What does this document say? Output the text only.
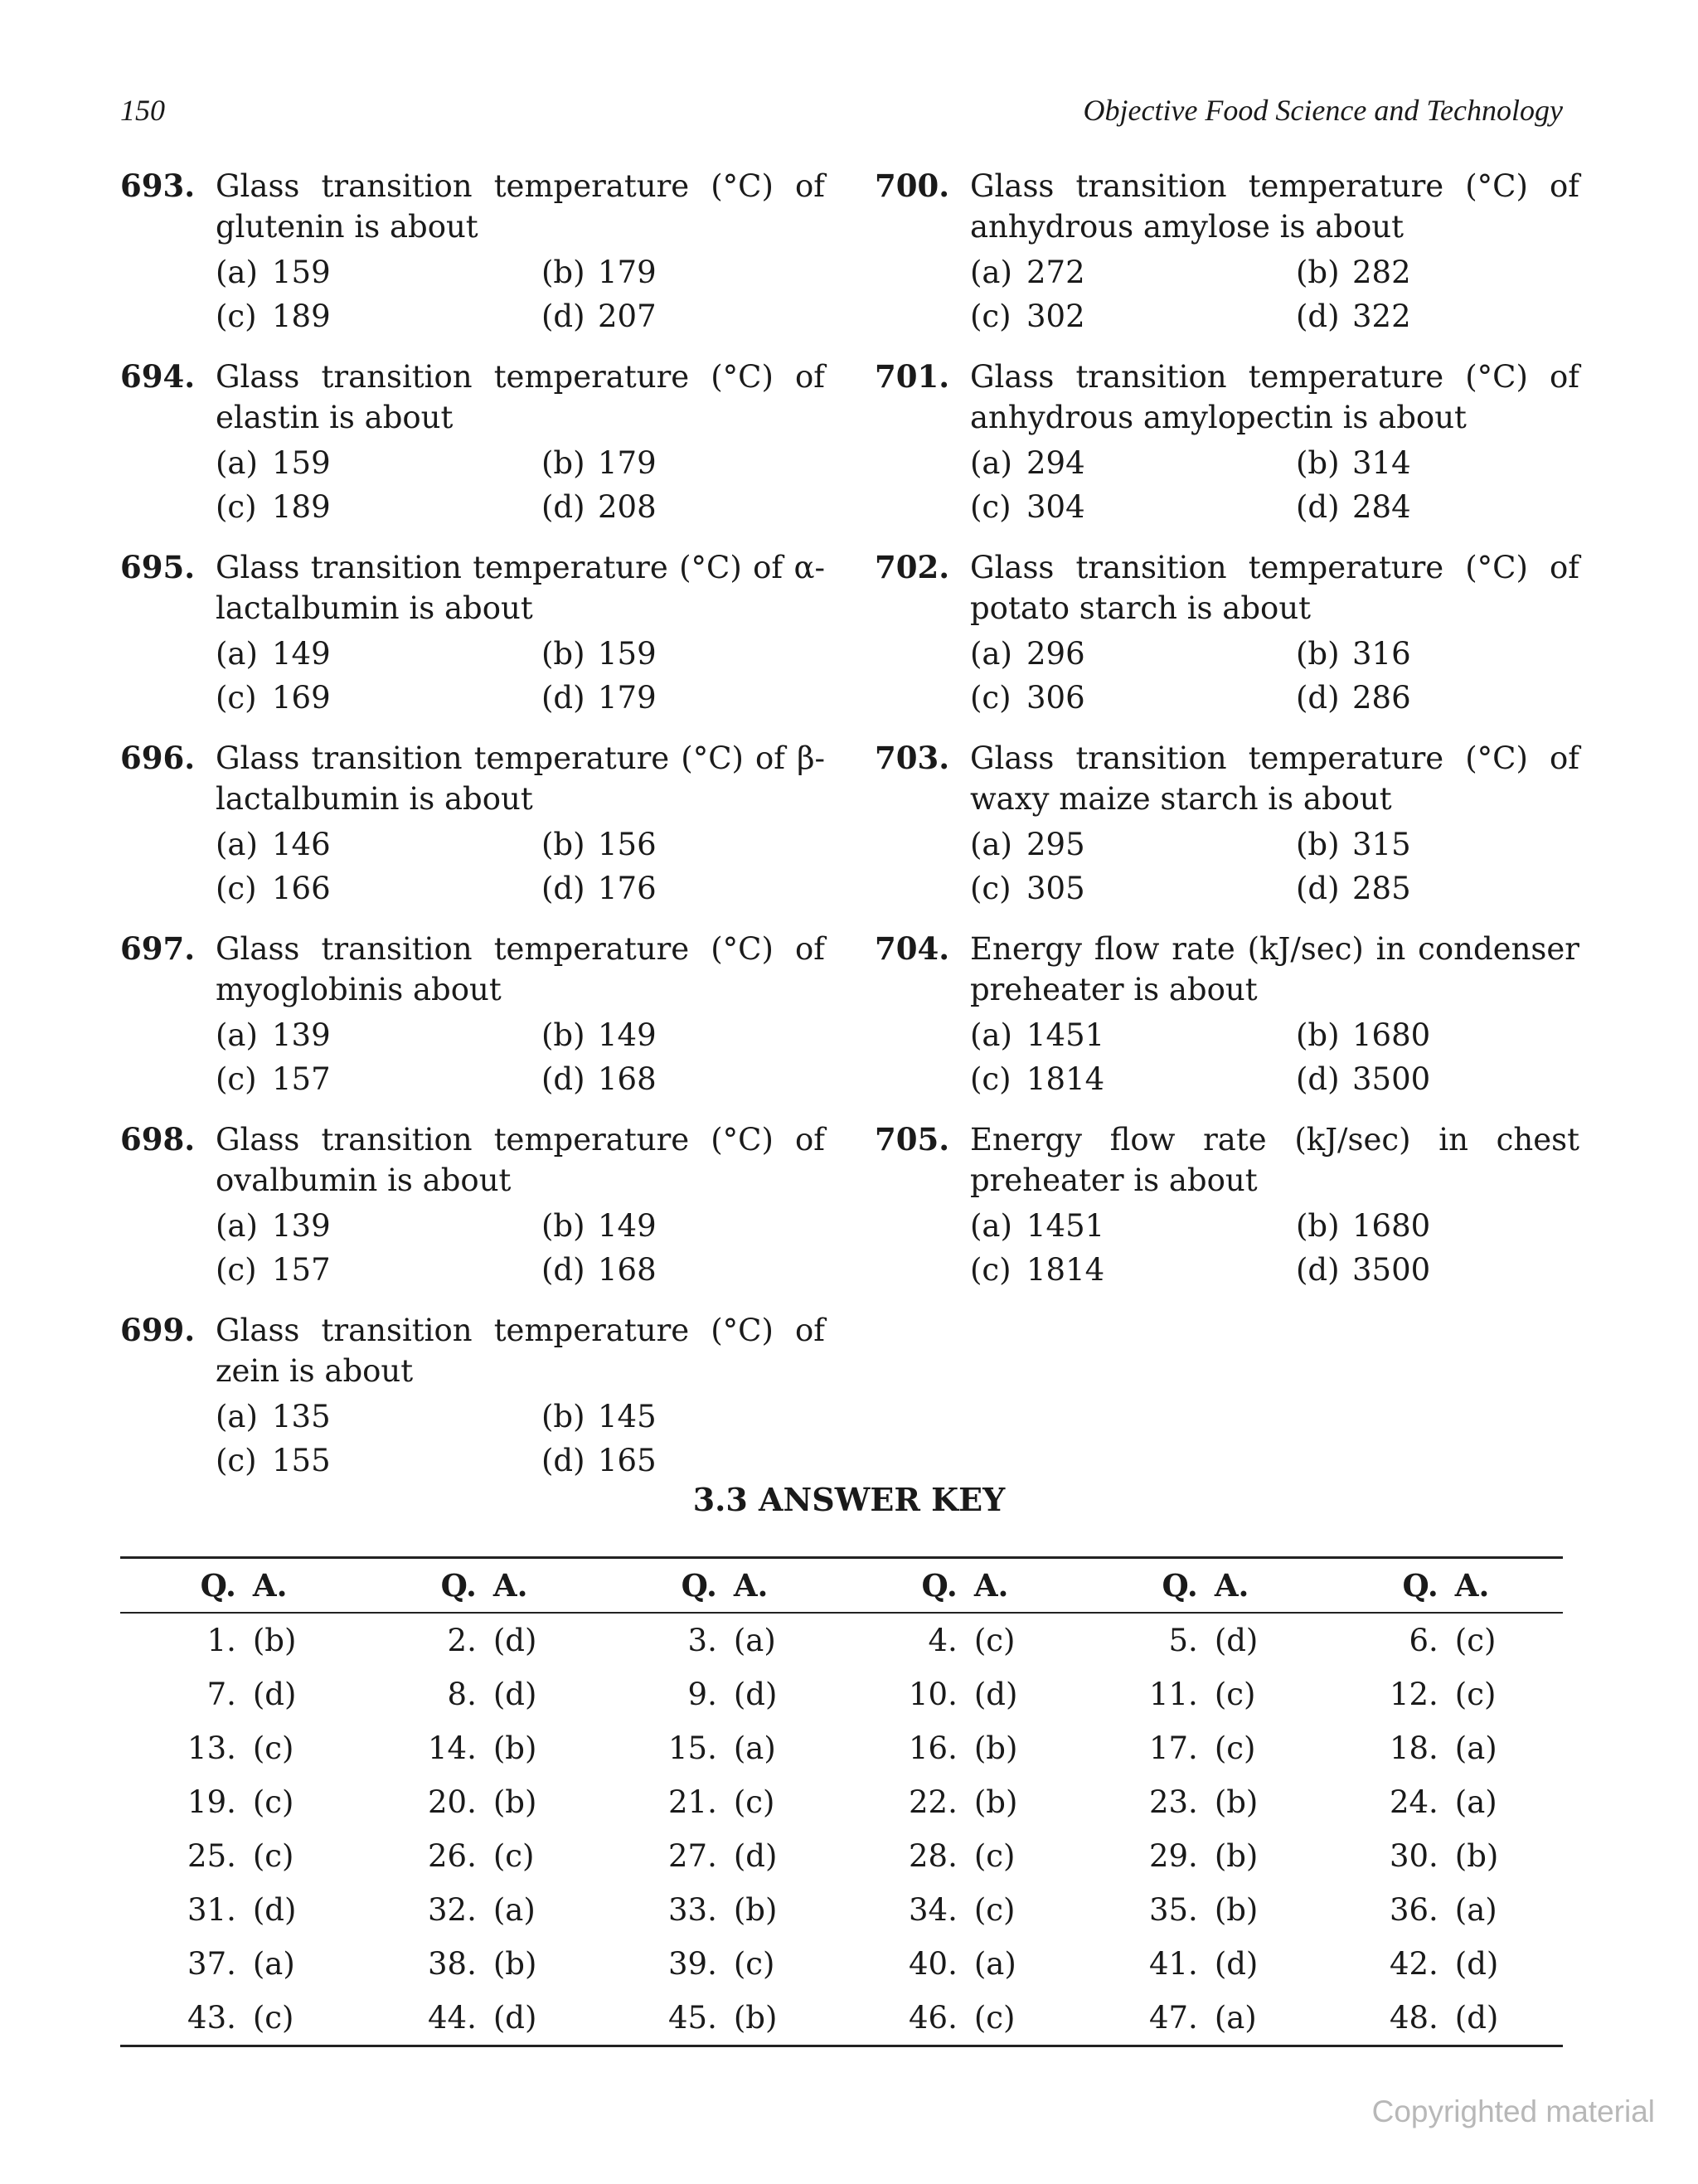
150	Objective Food Science and Technology
693. Glass transition temperature (°C) of glutenin is about
(a) 159	(b) 179
(c) 189	(d) 207
694. Glass transition temperature (°C) of elastin is about
(a) 159	(b) 179
(c) 189	(d) 208
695. Glass transition temperature (°C) of α-lactalbumin is about
(a) 149	(b) 159
(c) 169	(d) 179
696. Glass transition temperature (°C) of β-lactalbumin is about
(a) 146	(b) 156
(c) 166	(d) 176
697. Glass transition temperature (°C) of myoglobinis about
(a) 139	(b) 149
(c) 157	(d) 168
698. Glass transition temperature (°C) of ovalbumin is about
(a) 139	(b) 149
(c) 157	(d) 168
699. Glass transition temperature (°C) of zein is about
(a) 135	(b) 145
(c) 155	(d) 165
700. Glass transition temperature (°C) of anhydrous amylose is about
(a) 272	(b) 282
(c) 302	(d) 322
701. Glass transition temperature (°C) of anhydrous amylopectin is about
(a) 294	(b) 314
(c) 304	(d) 284
702. Glass transition temperature (°C) of potato starch is about
(a) 296	(b) 316
(c) 306	(d) 286
703. Glass transition temperature (°C) of waxy maize starch is about
(a) 295	(b) 315
(c) 305	(d) 285
704. Energy flow rate (kJ/sec) in condenser preheater is about
(a) 1451	(b) 1680
(c) 1814	(d) 3500
705. Energy flow rate (kJ/sec) in chest preheater is about
(a) 1451	(b) 1680
(c) 1814	(d) 3500
3.3 ANSWER KEY
Q.	A.	Q.	A.	Q.	A.	Q.	A.	Q.	A.	Q.	A.
1.	(b)	2.	(d)	3.	(a)	4.	(c)	5.	(d)	6.	(c)
7.	(d)	8.	(d)	9.	(d)	10.	(d)	11.	(c)	12.	(c)
13.	(c)	14.	(b)	15.	(a)	16.	(b)	17.	(c)	18.	(a)
19.	(c)	20.	(b)	21.	(c)	22.	(b)	23.	(b)	24.	(a)
25.	(c)	26.	(c)	27.	(d)	28.	(c)	29.	(b)	30.	(b)
31.	(d)	32.	(a)	33.	(b)	34.	(c)	35.	(b)	36.	(a)
37.	(a)	38.	(b)	39.	(c)	40.	(a)	41.	(d)	42.	(d)
43.	(c)	44.	(d)	45.	(b)	46.	(c)	47.	(a)	48.	(d)
Copyrighted material
